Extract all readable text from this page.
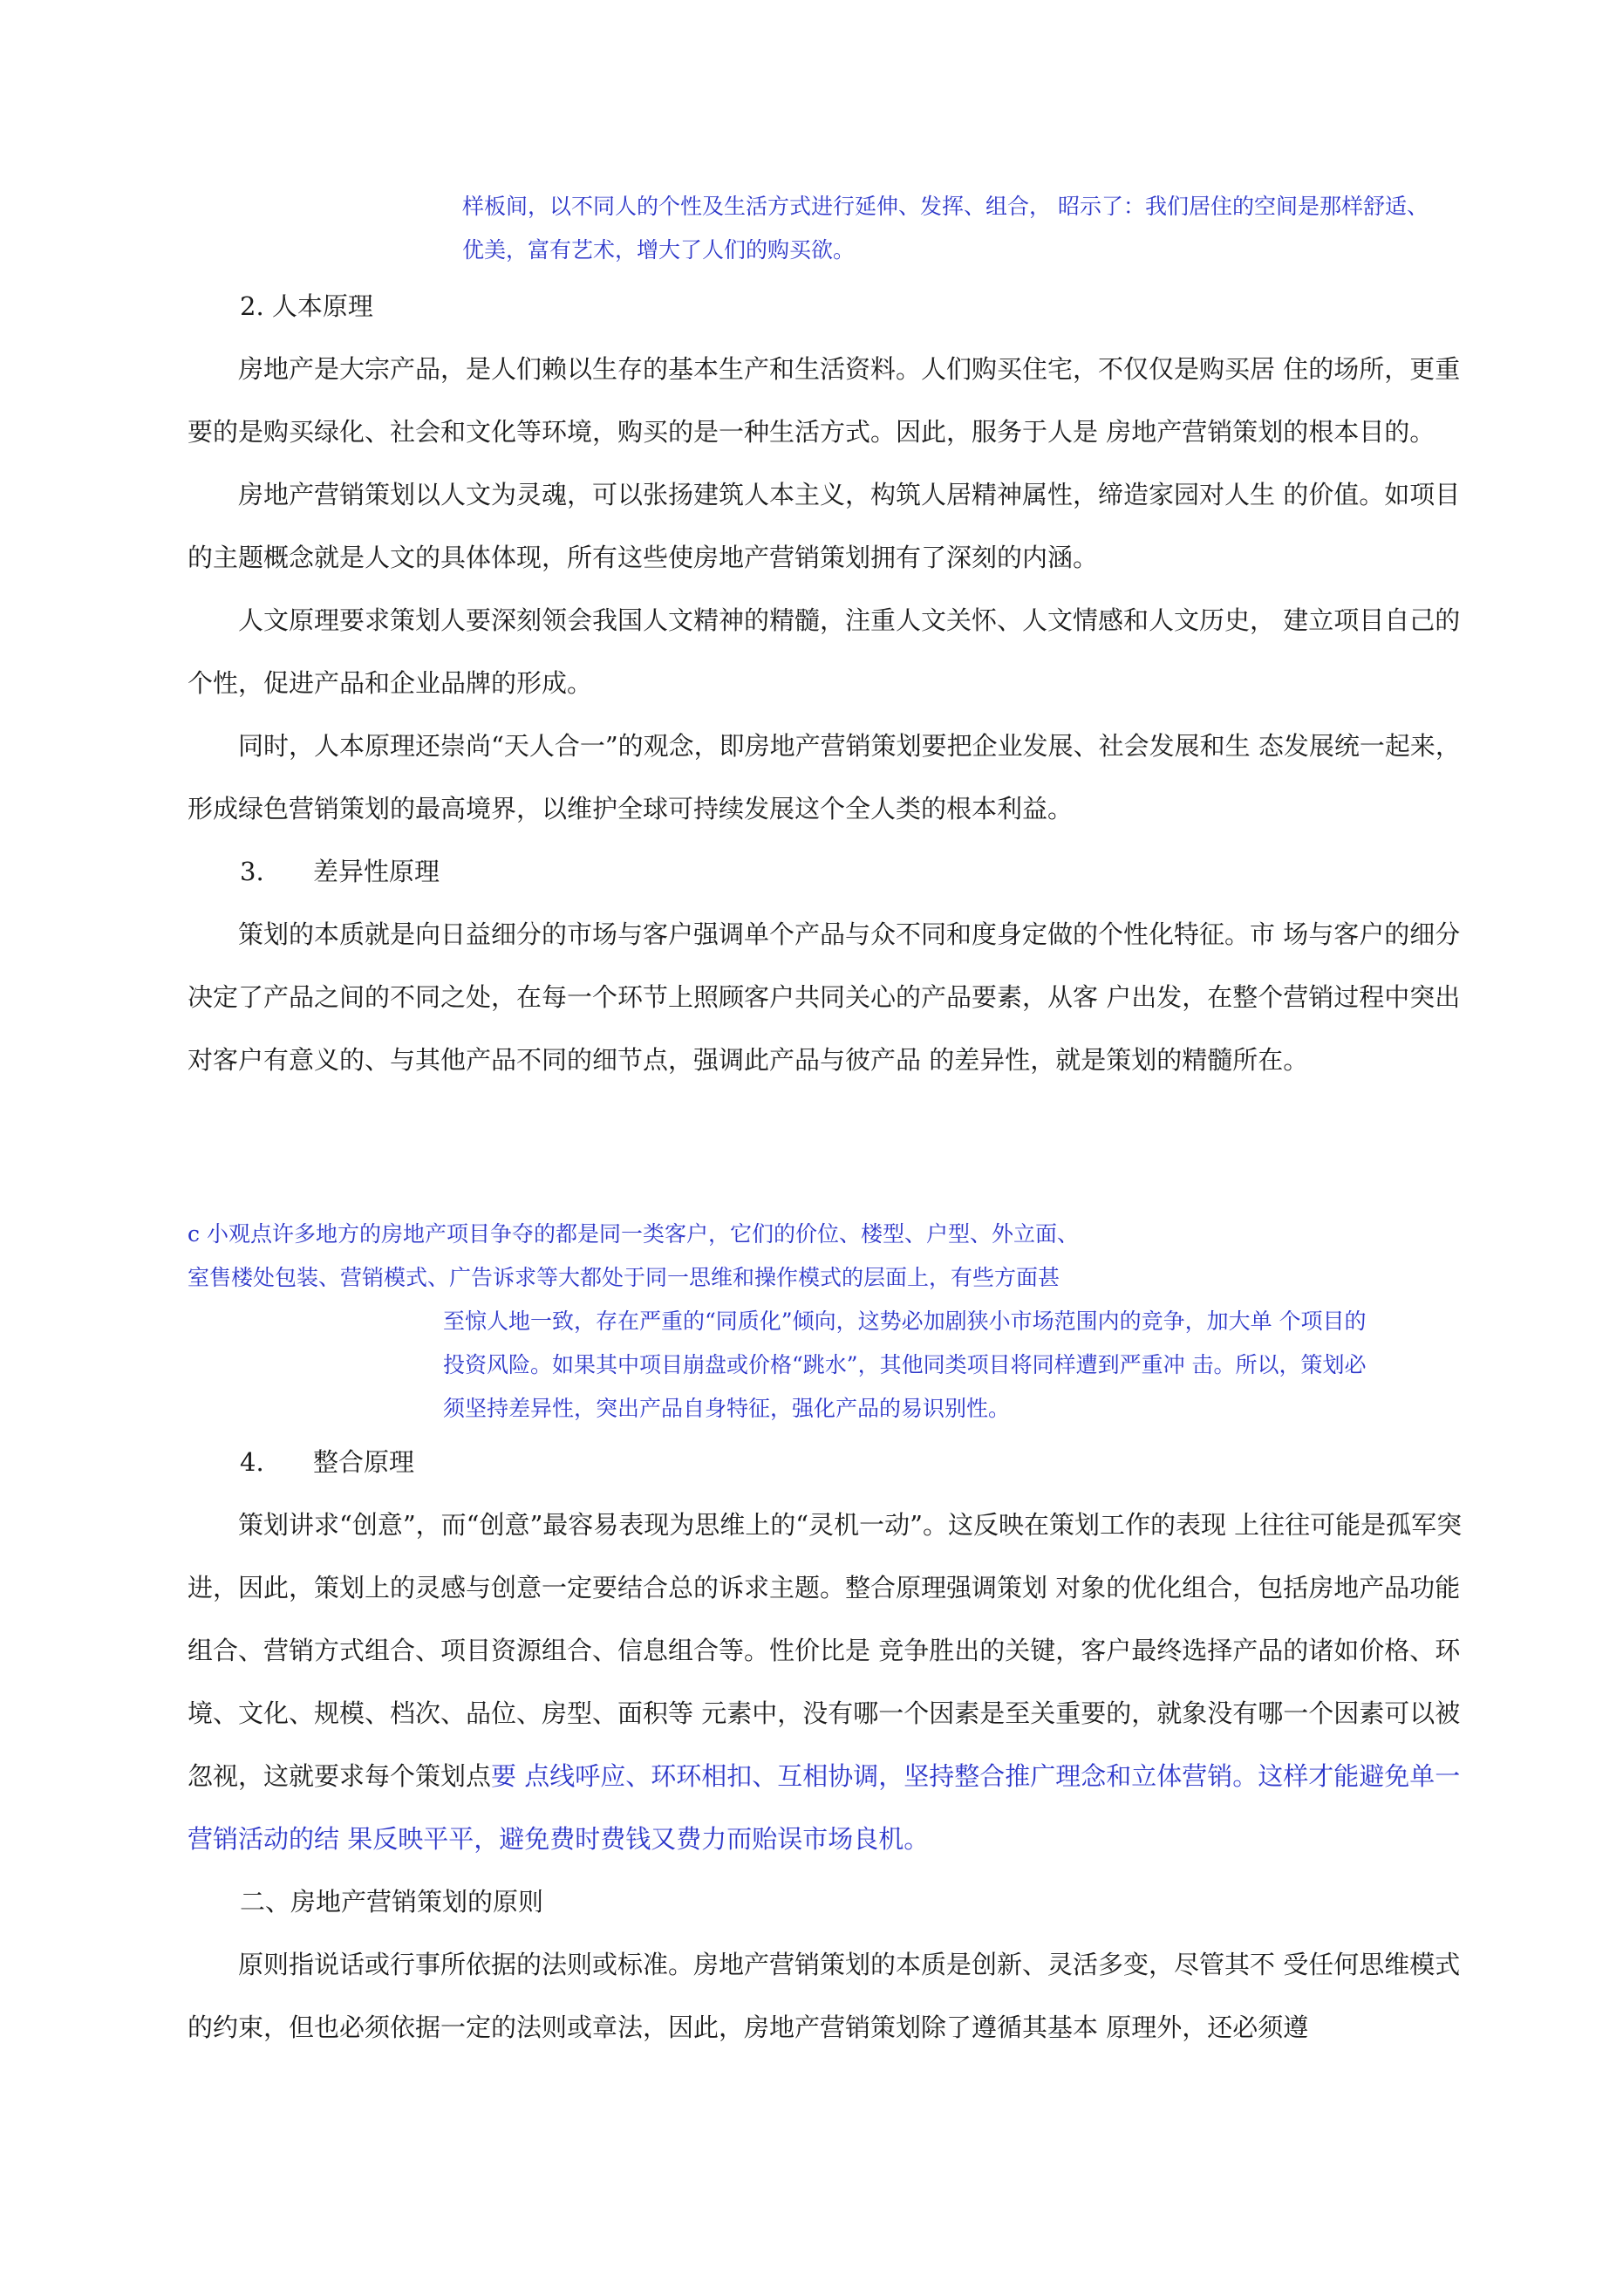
样板间，以不同人的个性及生活方式进行延伸、发挥、组合， 昭示了：我们居住的空间是那样舒适、

优美，富有艺术，增大了人们的购买欲。

2. 人本原理

房地产是大宗产品，是人们赖以生存的基本生产和生活资料。人们购买住宅，不仅仅是购买居 住的场所，更重要的是购买绿化、社会和文化等环境，购买的是一种生活方式。因此，服务于人是 房地产营销策划的根本目的。

房地产营销策划以人文为灵魂，可以张扬建筑人本主义，构筑人居精神属性，缔造家园对人生 的价值。如项目的主题概念就是人文的具体体现，所有这些使房地产营销策划拥有了深刻的内涵。

人文原理要求策划人要深刻领会我国人文精神的精髓，注重人文关怀、人文情感和人文历史， 建立项目自己的个性，促进产品和企业品牌的形成。

同时，人本原理还崇尚“天人合一”的观念，即房地产营销策划要把企业发展、社会发展和生 态发展统一起来，形成绿色营销策划的最高境界，以维护全球可持续发展这个全人类的根本利益。

3. 差异性原理

策划的本质就是向日益细分的市场与客户强调单个产品与众不同和度身定做的个性化特征。市 场与客户的细分决定了产品之间的不同之处，在每一个环节上照顾客户共同关心的产品要素，从客 户出发，在整个营销过程中突出对客户有意义的、与其他产品不同的细节点，强调此产品与彼产品 的差异性，就是策划的精髓所在。

c 小观点许多地方的房地产项目争夺的都是同一类客户，它们的价位、楼型、户型、外立面、

室售楼处包装、营销模式、广告诉求等大都处于同一思维和操作模式的层面上，有些方面甚

至惊人地一致，存在严重的“同质化”倾向，这势必加剧狭小市场范围内的竞争，加大单 个项目的

投资风险。如果其中项目崩盘或价格“跳水”，其他同类项目将同样遭到严重冲 击。所以，策划必

须坚持差异性，突出产品自身特征，强化产品的易识别性。

4. 整合原理

策划讲求“创意”，而“创意”最容易表现为思维上的“灵机一动”。这反映在策划工作的表现 上往往可能是孤军突进，因此，策划上的灵感与创意一定要结合总的诉求主题。整合原理强调策划 对象的优化组合，包括房地产品功能组合、营销方式组合、项目资源组合、信息组合等。性价比是 竞争胜出的关键，客户最终选择产品的诸如价格、环境、文化、规模、档次、品位、房型、面积等 元素中，没有哪一个因素是至关重要的，就象没有哪一个因素可以被忽视，这就要求每个策划点要 点线呼应、环环相扣、互相协调，坚持整合推广理念和立体营销。这样才能避免单一营销活动的结 果反映平平，避免费时费钱又费力而贻误市场良机。

二、房地产营销策划的原则

原则指说话或行事所依据的法则或标准。房地产营销策划的本质是创新、灵活多变，尽管其不 受任何思维模式的约束，但也必须依据一定的法则或章法，因此，房地产营销策划除了遵循其基本 原理外，还必须遵
